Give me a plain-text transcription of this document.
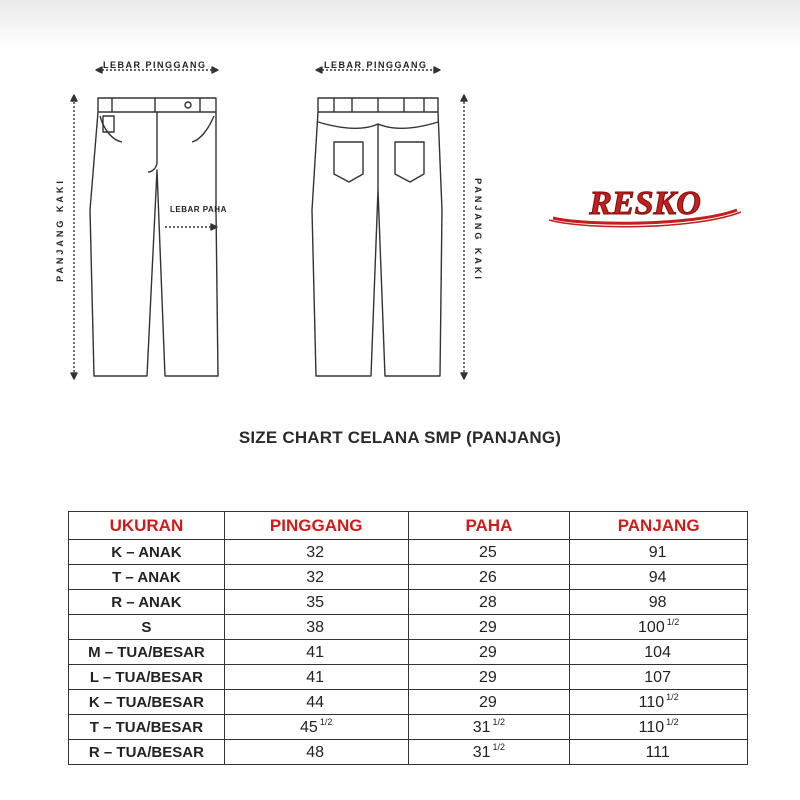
LEBAR PINGGANG	LEBAR PINGGANG
LEBAR PAHA
PANJANG KAKI	PANJANG KAKI	RESKO
SIZE CHART CELANA SMP (PANJANG)
UKURAN	PINGGANG	PAHA	PANJANG
K – ANAK	32	25	91
T – ANAK	32	26	94
R – ANAK	35	28	98
S	38	29	100 $^{1/2}$
M – TUA/BESAR	41	29	104
L – TUA/BESAR	41	29	107
K – TUA/BESAR	44	29	110 $^{1/2}$
T – TUA/BESAR	45 $^{1/2}$	31 $^{1/2}$	110 $^{1/2}$
R – TUA/BESAR	48	31 $^{1/2}$	111
